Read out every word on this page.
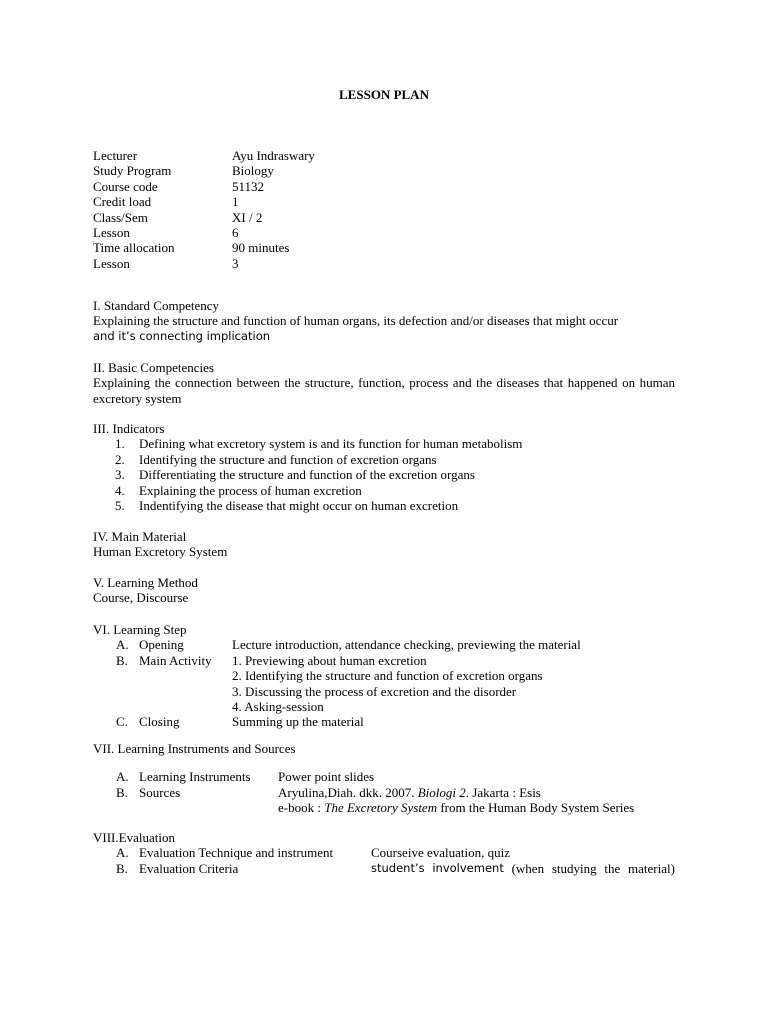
LESSON PLAN
Lecturer	Ayu Indraswary
Study Program	Biology
Course code	51132
Credit load	1
Class/Sem	XI / 2
Lesson	6
Time allocation	90 minutes
Lesson	3
I. Standard Competency
Explaining the structure and function of human organs, its defection and/or diseases that might occur
and it’s connecting implication
II. Basic Competencies
Explaining the connection between the structure, function, process and the diseases that happened on human excretory system
III. Indicators
1.	Defining what excretory system is and its function for human metabolism
2.	Identifying the structure and function of excretion organs
3.	Differentiating the structure and function of the excretion organs
4.	Explaining the process of human excretion
5.	Indentifying the disease that might occur on human excretion
IV. Main Material
Human Excretory System
V. Learning Method
Course, Discourse
VI. Learning Step
A. Opening	Lecture introduction, attendance checking, previewing the material
B. Main Activity	1. Previewing about human excretion
2. Identifying the structure and function of excretion organs
3. Discussing the process of excretion and the disorder
4. Asking-session
C. Closing	Summing up the material
VII. Learning Instruments and Sources
A. Learning Instruments	Power point slides
B. Sources	Aryulina,Diah. dkk. 2007. Biologi 2. Jakarta : Esis
e-book : The Excretory System from the Human Body System Series
VIII.Evaluation
A. Evaluation Technique and instrument	Courseive evaluation, quiz
B. Evaluation Criteria	student’s involvement (when studying the material)
